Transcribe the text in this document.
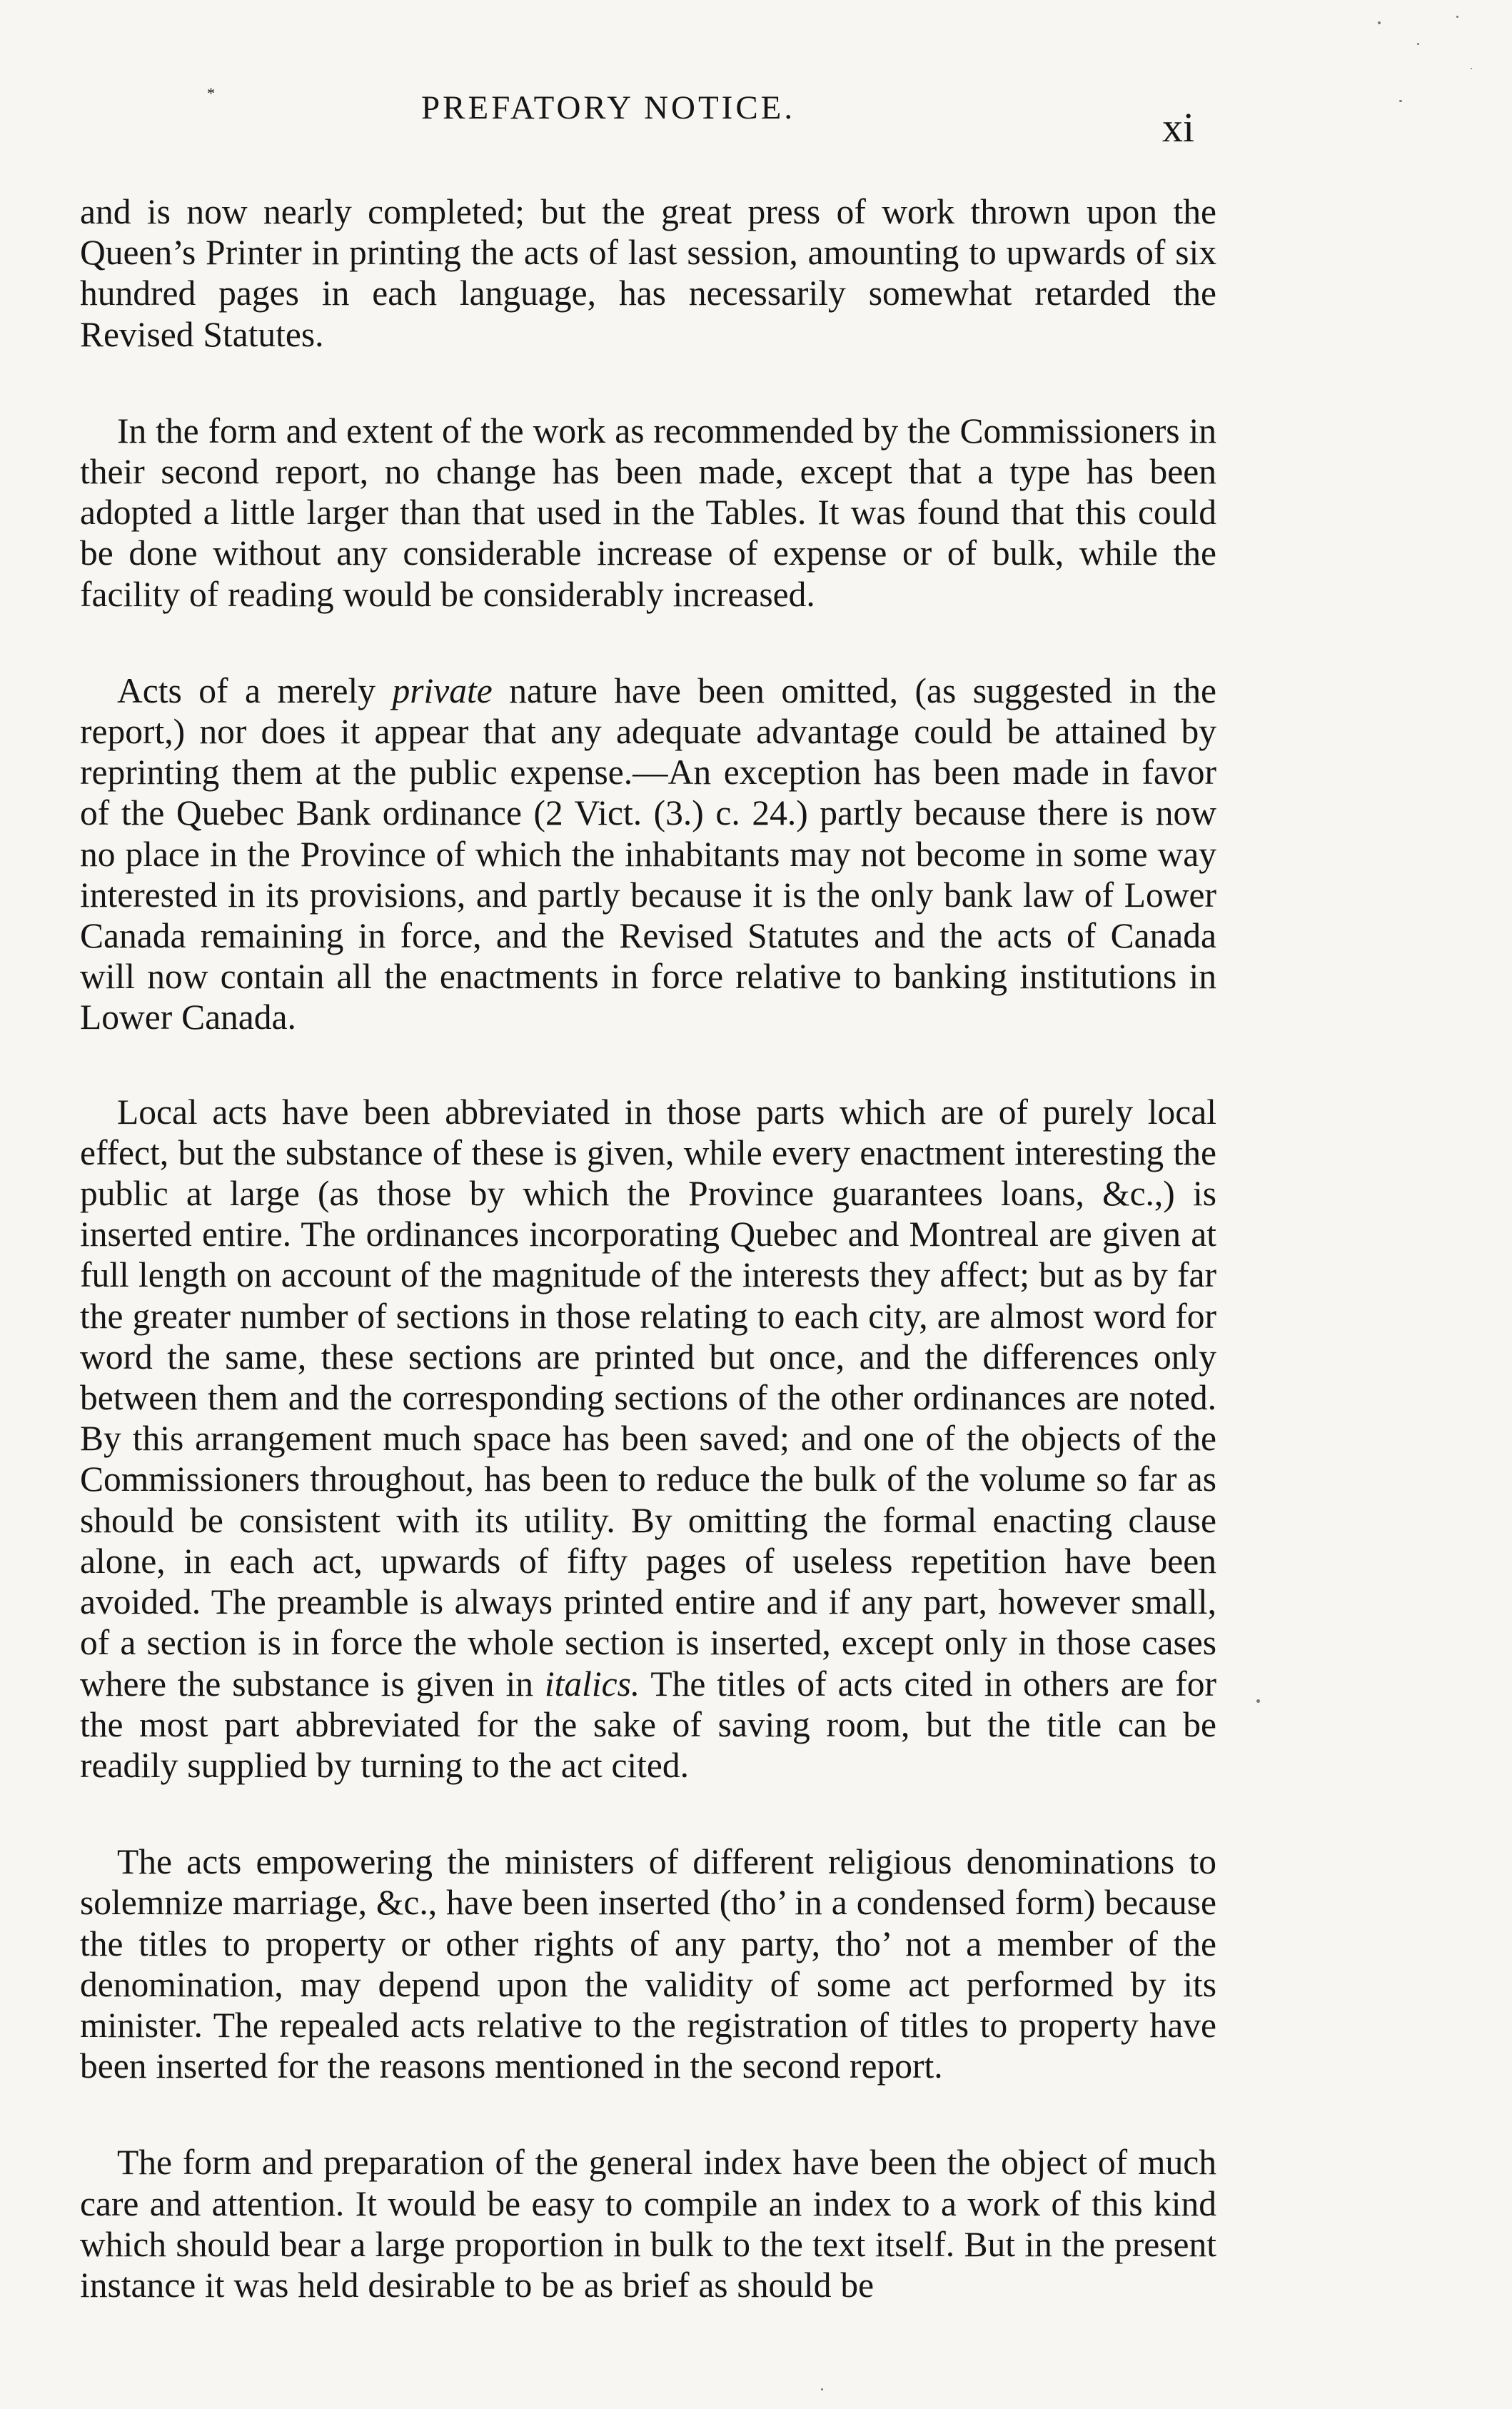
*	PREFATORY NOTICE.	xi

and is now nearly completed; but the great press of work thrown upon the Queen’s Printer in printing the acts of last session, amounting to upwards of six hundred pages in each language, has necessarily somewhat retarded the Revised Statutes.

In the form and extent of the work as recommended by the Commissioners in their second report, no change has been made, except that a type has been adopted a little larger than that used in the Tables. It was found that this could be done without any considerable increase of expense or of bulk, while the facility of reading would be considerably increased.

Acts of a merely private nature have been omitted, (as suggested in the report,) nor does it appear that any adequate advantage could be attained by reprinting them at the public expense.—An exception has been made in favor of the Quebec Bank ordinance (2 Vict. (3.) c. 24.) partly because there is now no place in the Province of which the inhabitants may not become in some way interested in its provisions, and partly because it is the only bank law of Lower Canada remaining in force, and the Revised Statutes and the acts of Canada will now contain all the enactments in force relative to banking institutions in Lower Canada.

Local acts have been abbreviated in those parts which are of purely local effect, but the substance of these is given, while every enactment interesting the public at large (as those by which the Province guarantees loans, &c.,) is inserted entire. The ordinances incorporating Quebec and Montreal are given at full length on account of the magnitude of the interests they affect; but as by far the greater number of sections in those relating to each city, are almost word for word the same, these sections are printed but once, and the differences only between them and the corresponding sections of the other ordinances are noted. By this arrangement much space has been saved; and one of the objects of the Commissioners throughout, has been to reduce the bulk of the volume so far as should be consistent with its utility. By omitting the formal enacting clause alone, in each act, upwards of fifty pages of useless repetition have been avoided. The preamble is always printed entire and if any part, however small, of a section is in force the whole section is inserted, except only in those cases where the substance is given in italics. The titles of acts cited in others are for the most part abbreviated for the sake of saving room, but the title can be readily supplied by turning to the act cited.

The acts empowering the ministers of different religious denominations to solemnize marriage, &c., have been inserted (tho’ in a condensed form) because the titles to property or other rights of any party, tho’ not a member of the denomination, may depend upon the validity of some act performed by its minister. The repealed acts relative to the registration of titles to property have been inserted for the reasons mentioned in the second report.

The form and preparation of the general index have been the object of much care and attention. It would be easy to compile an index to a work of this kind which should bear a large proportion in bulk to the text itself. But in the present instance it was held desirable to be as brief as should be
